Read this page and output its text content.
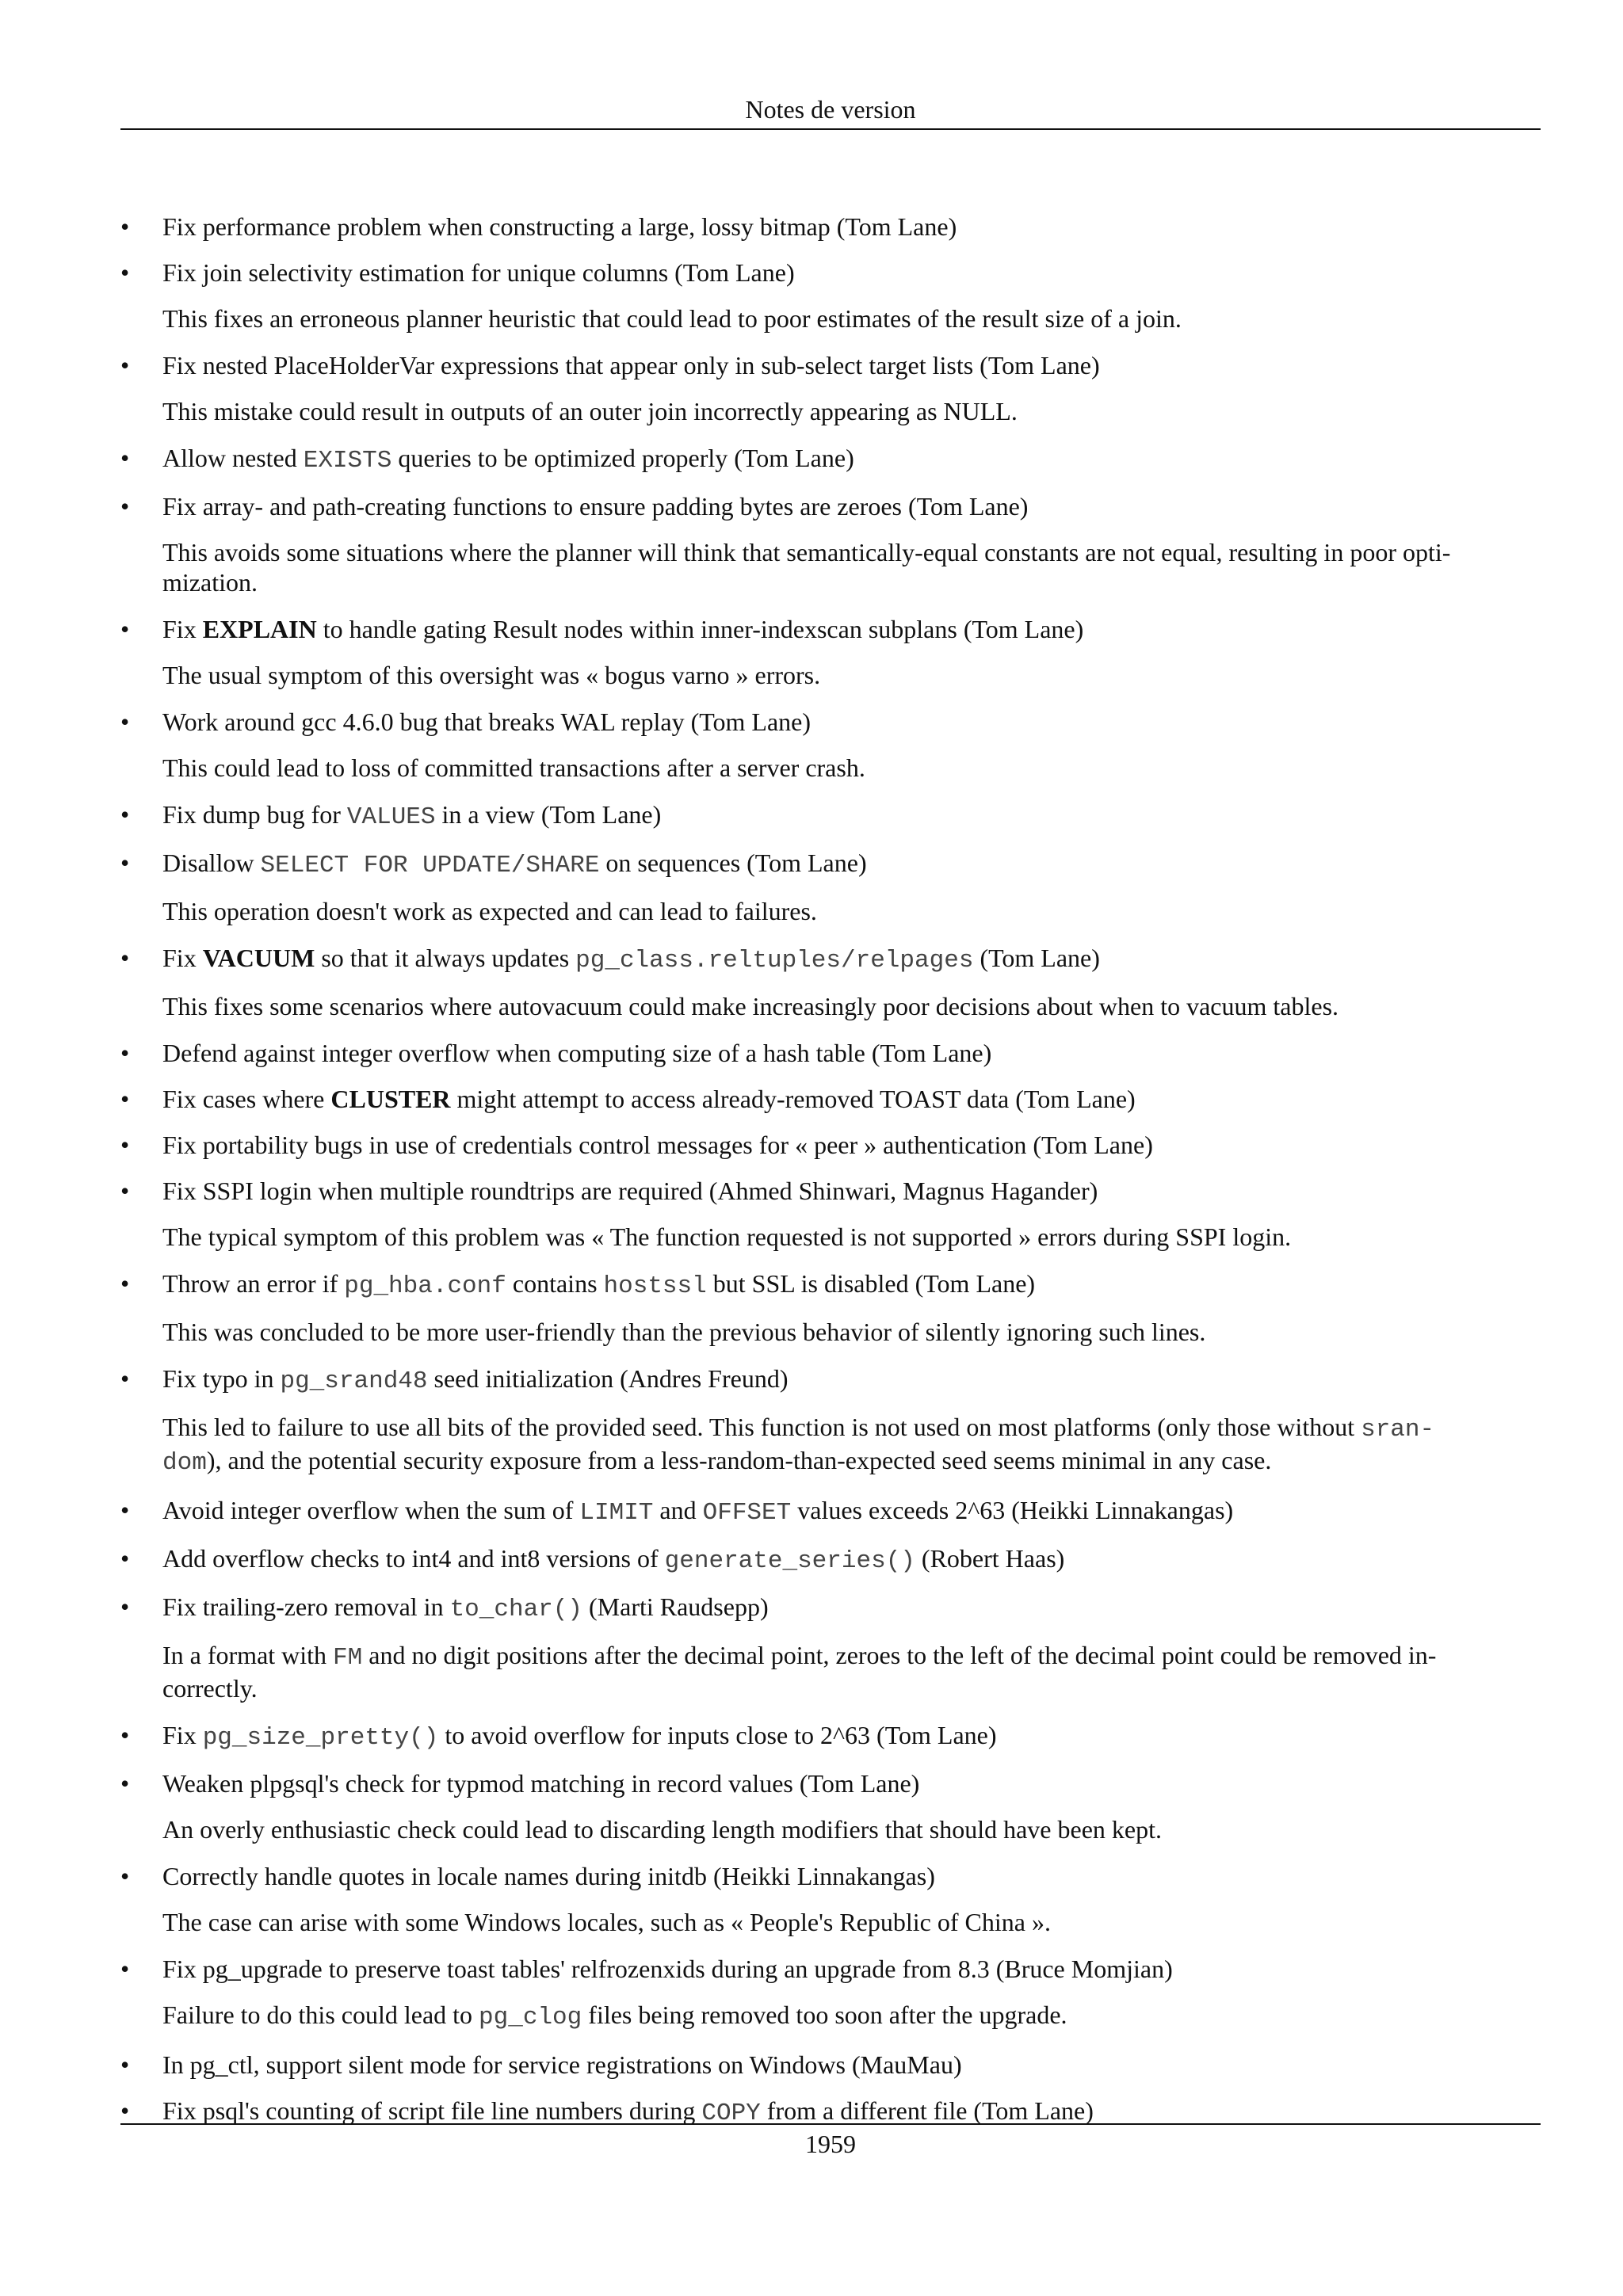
Notes de version
• Fix performance problem when constructing a large, lossy bitmap (Tom Lane)
• Fix join selectivity estimation for unique columns (Tom Lane)
This fixes an erroneous planner heuristic that could lead to poor estimates of the result size of a join.
• Fix nested PlaceHolderVar expressions that appear only in sub-select target lists (Tom Lane)
This mistake could result in outputs of an outer join incorrectly appearing as NULL.
• Allow nested EXISTS queries to be optimized properly (Tom Lane)
• Fix array- and path-creating functions to ensure padding bytes are zeroes (Tom Lane)
This avoids some situations where the planner will think that semantically-equal constants are not equal, resulting in poor opti-
mization.
• Fix EXPLAIN to handle gating Result nodes within inner-indexscan subplans (Tom Lane)
The usual symptom of this oversight was « bogus varno » errors.
• Work around gcc 4.6.0 bug that breaks WAL replay (Tom Lane)
This could lead to loss of committed transactions after a server crash.
• Fix dump bug for VALUES in a view (Tom Lane)
• Disallow SELECT FOR UPDATE/SHARE on sequences (Tom Lane)
This operation doesn't work as expected and can lead to failures.
• Fix VACUUM so that it always updates pg_class.reltuples/relpages (Tom Lane)
This fixes some scenarios where autovacuum could make increasingly poor decisions about when to vacuum tables.
• Defend against integer overflow when computing size of a hash table (Tom Lane)
• Fix cases where CLUSTER might attempt to access already-removed TOAST data (Tom Lane)
• Fix portability bugs in use of credentials control messages for « peer » authentication (Tom Lane)
• Fix SSPI login when multiple roundtrips are required (Ahmed Shinwari, Magnus Hagander)
The typical symptom of this problem was « The function requested is not supported » errors during SSPI login.
• Throw an error if pg_hba.conf contains hostssl but SSL is disabled (Tom Lane)
This was concluded to be more user-friendly than the previous behavior of silently ignoring such lines.
• Fix typo in pg_srand48 seed initialization (Andres Freund)
This led to failure to use all bits of the provided seed. This function is not used on most platforms (only those without sran-
dom), and the potential security exposure from a less-random-than-expected seed seems minimal in any case.
• Avoid integer overflow when the sum of LIMIT and OFFSET values exceeds 2^63 (Heikki Linnakangas)
• Add overflow checks to int4 and int8 versions of generate_series() (Robert Haas)
• Fix trailing-zero removal in to_char() (Marti Raudsepp)
In a format with FM and no digit positions after the decimal point, zeroes to the left of the decimal point could be removed in-
correctly.
• Fix pg_size_pretty() to avoid overflow for inputs close to 2^63 (Tom Lane)
• Weaken plpgsql's check for typmod matching in record values (Tom Lane)
An overly enthusiastic check could lead to discarding length modifiers that should have been kept.
• Correctly handle quotes in locale names during initdb (Heikki Linnakangas)
The case can arise with some Windows locales, such as « People's Republic of China ».
• Fix pg_upgrade to preserve toast tables' relfrozenxids during an upgrade from 8.3 (Bruce Momjian)
Failure to do this could lead to pg_clog files being removed too soon after the upgrade.
• In pg_ctl, support silent mode for service registrations on Windows (MauMau)
• Fix psql's counting of script file line numbers during COPY from a different file (Tom Lane)
1959
